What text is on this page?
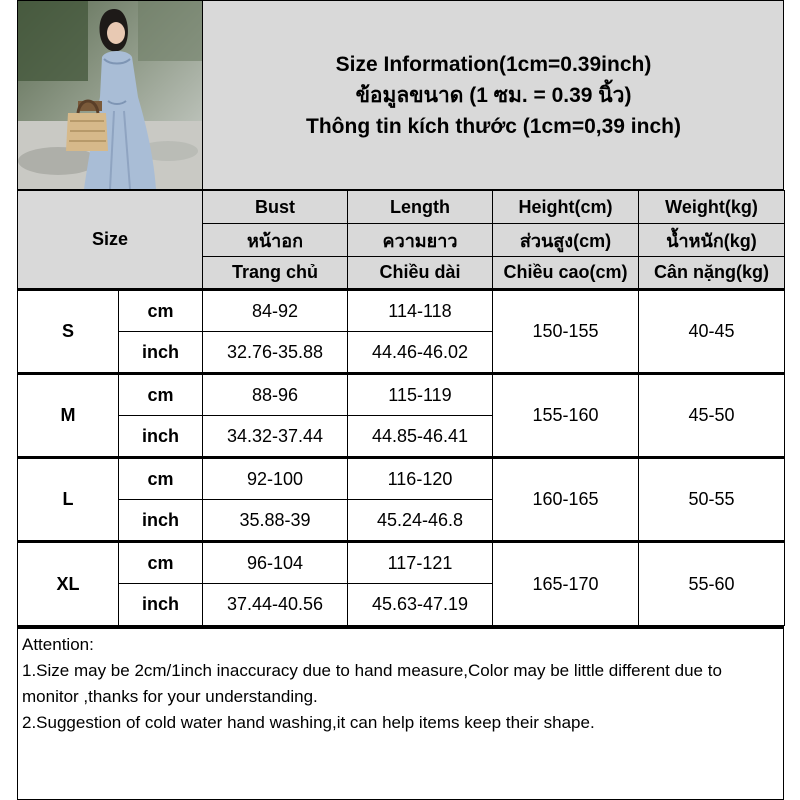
Size Information(1cm=0.39inch)
ข้อมูลขนาด (1 ซม. = 0.39 นิ้ว)
Thông tin kích thước (1cm=0,39 inch)
Size		Bust	Length	Height(cm)	Weight(kg)
		หน้าอก	ความยาว	ส่วนสูง(cm)	น้ำหนัก(kg)
		Trang chủ	Chiều dài	Chiều cao(cm)	Cân nặng(kg)
S	cm	84-92	114-118	150-155	40-45
	inch	32.76-35.88	44.46-46.02		
M	cm	88-96	115-119	155-160	45-50
	inch	34.32-37.44	44.85-46.41		
L	cm	92-100	116-120	160-165	50-55
	inch	35.88-39	45.24-46.8		
XL	cm	96-104	117-121	165-170	55-60
	inch	37.44-40.56	45.63-47.19		
Attention:
1.Size may be 2cm/1inch inaccuracy due to hand measure,Color may be little different due to monitor ,thanks for your understanding.
2.Suggestion of cold water hand washing,it can help items keep their shape.
